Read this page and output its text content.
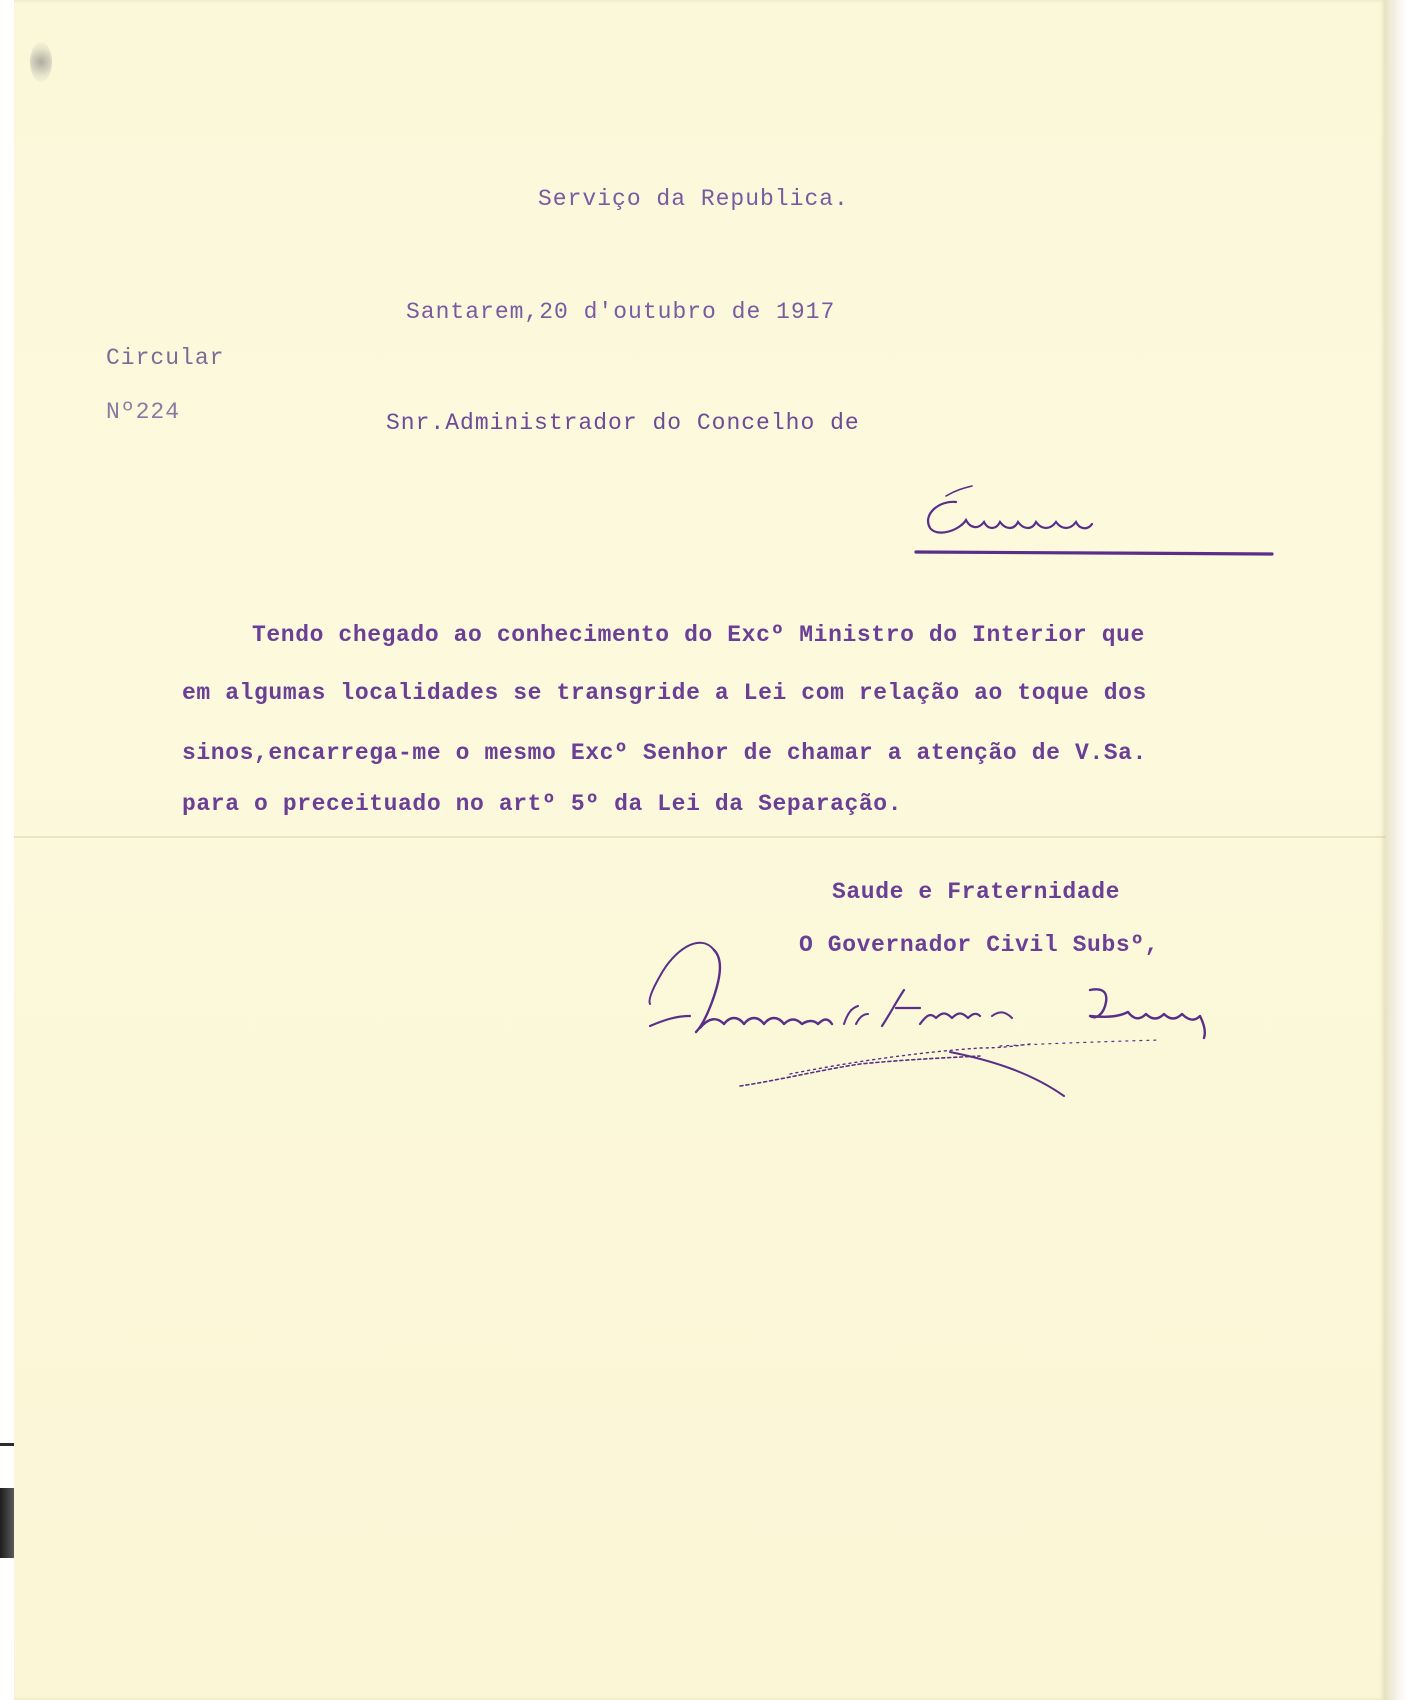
Serviço da Republica.

Santarem,20 d'outubro de 1917

Circular

Nº224	Snr.Administrador do Concelho de

Tendo chegado ao conhecimento do Excº Ministro do Interior que

em algumas localidades se transgride a Lei com relação ao toque dos

sinos,encarrega-me o mesmo Excº Senhor de chamar a atenção de V.Sa.

para o preceituado no artº 5º da Lei da Separação.

Saude e Fraternidade

O Governador Civil Subsº,
